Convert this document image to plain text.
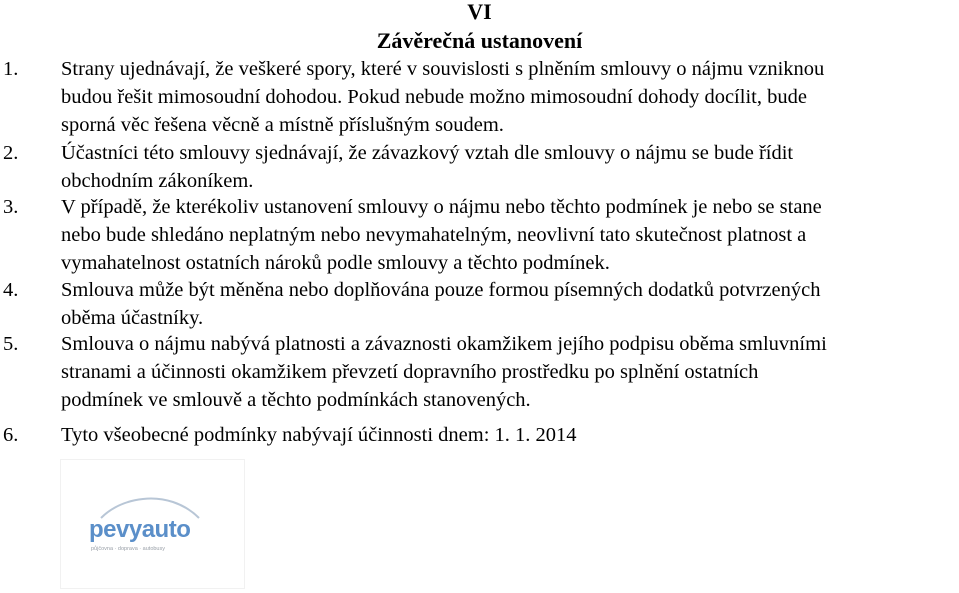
VI
Závěrečná ustanovení
1. Strany ujednávají, že veškeré spory, které v souvislosti s plněním smlouvy o nájmu vzniknou
budou řešit mimosoudní dohodou. Pokud nebude možno mimosoudní dohody docílit, bude
sporná věc řešena věcně a místně příslušným soudem.
2. Účastníci této smlouvy sjednávají, že závazkový vztah dle smlouvy o nájmu se bude řídit
obchodním zákoníkem.
3. V případě, že kterékoliv ustanovení smlouvy o nájmu nebo těchto podmínek je nebo se stane
nebo bude shledáno neplatným nebo nevymahatelným, neovlivní tato skutečnost platnost a
vymahatelnost ostatních nároků podle smlouvy a těchto podmínek.
4. Smlouva může být měněna nebo doplňována pouze formou písemných dodatků potvrzených
oběma účastníky.
5. Smlouva o nájmu nabývá platnosti a závaznosti okamžikem jejího podpisu oběma smluvními
stranami a účinnosti okamžikem převzetí dopravního prostředku po splnění ostatních
podmínek ve smlouvě a těchto podmínkách stanovených.
6. Tyto všeobecné podmínky nabývají účinnosti dnem: 1. 1. 2014
pevyauto
půjčovna · doprava · autobusy
